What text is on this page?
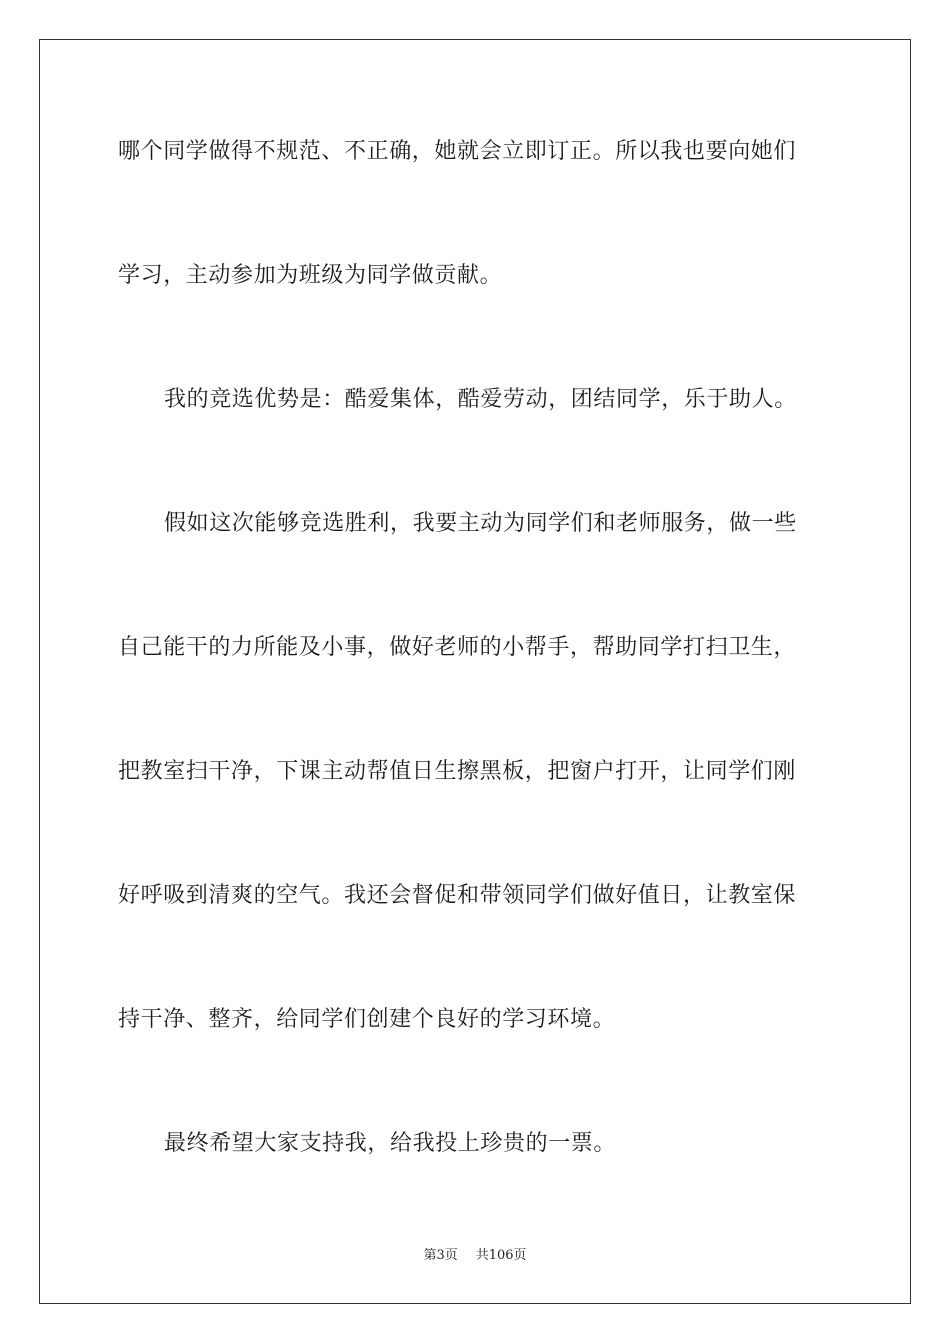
哪个同学做得不规范、不正确，她就会立即订正。所以我也要向她们
学习，主动参加为班级为同学做贡献。
我的竞选优势是：酷爱集体，酷爱劳动，团结同学，乐于助人。
假如这次能够竞选胜利，我要主动为同学们和老师服务，做一些
自己能干的力所能及小事，做好老师的小帮手，帮助同学打扫卫生，
把教室扫干净，下课主动帮值日生擦黑板，把窗户打开，让同学们刚
好呼吸到清爽的空气。我还会督促和带领同学们做好值日，让教室保
持干净、整齐，给同学们创建个良好的学习环境。
最终希望大家支持我，给我投上珍贵的一票。
第3页 共106页
